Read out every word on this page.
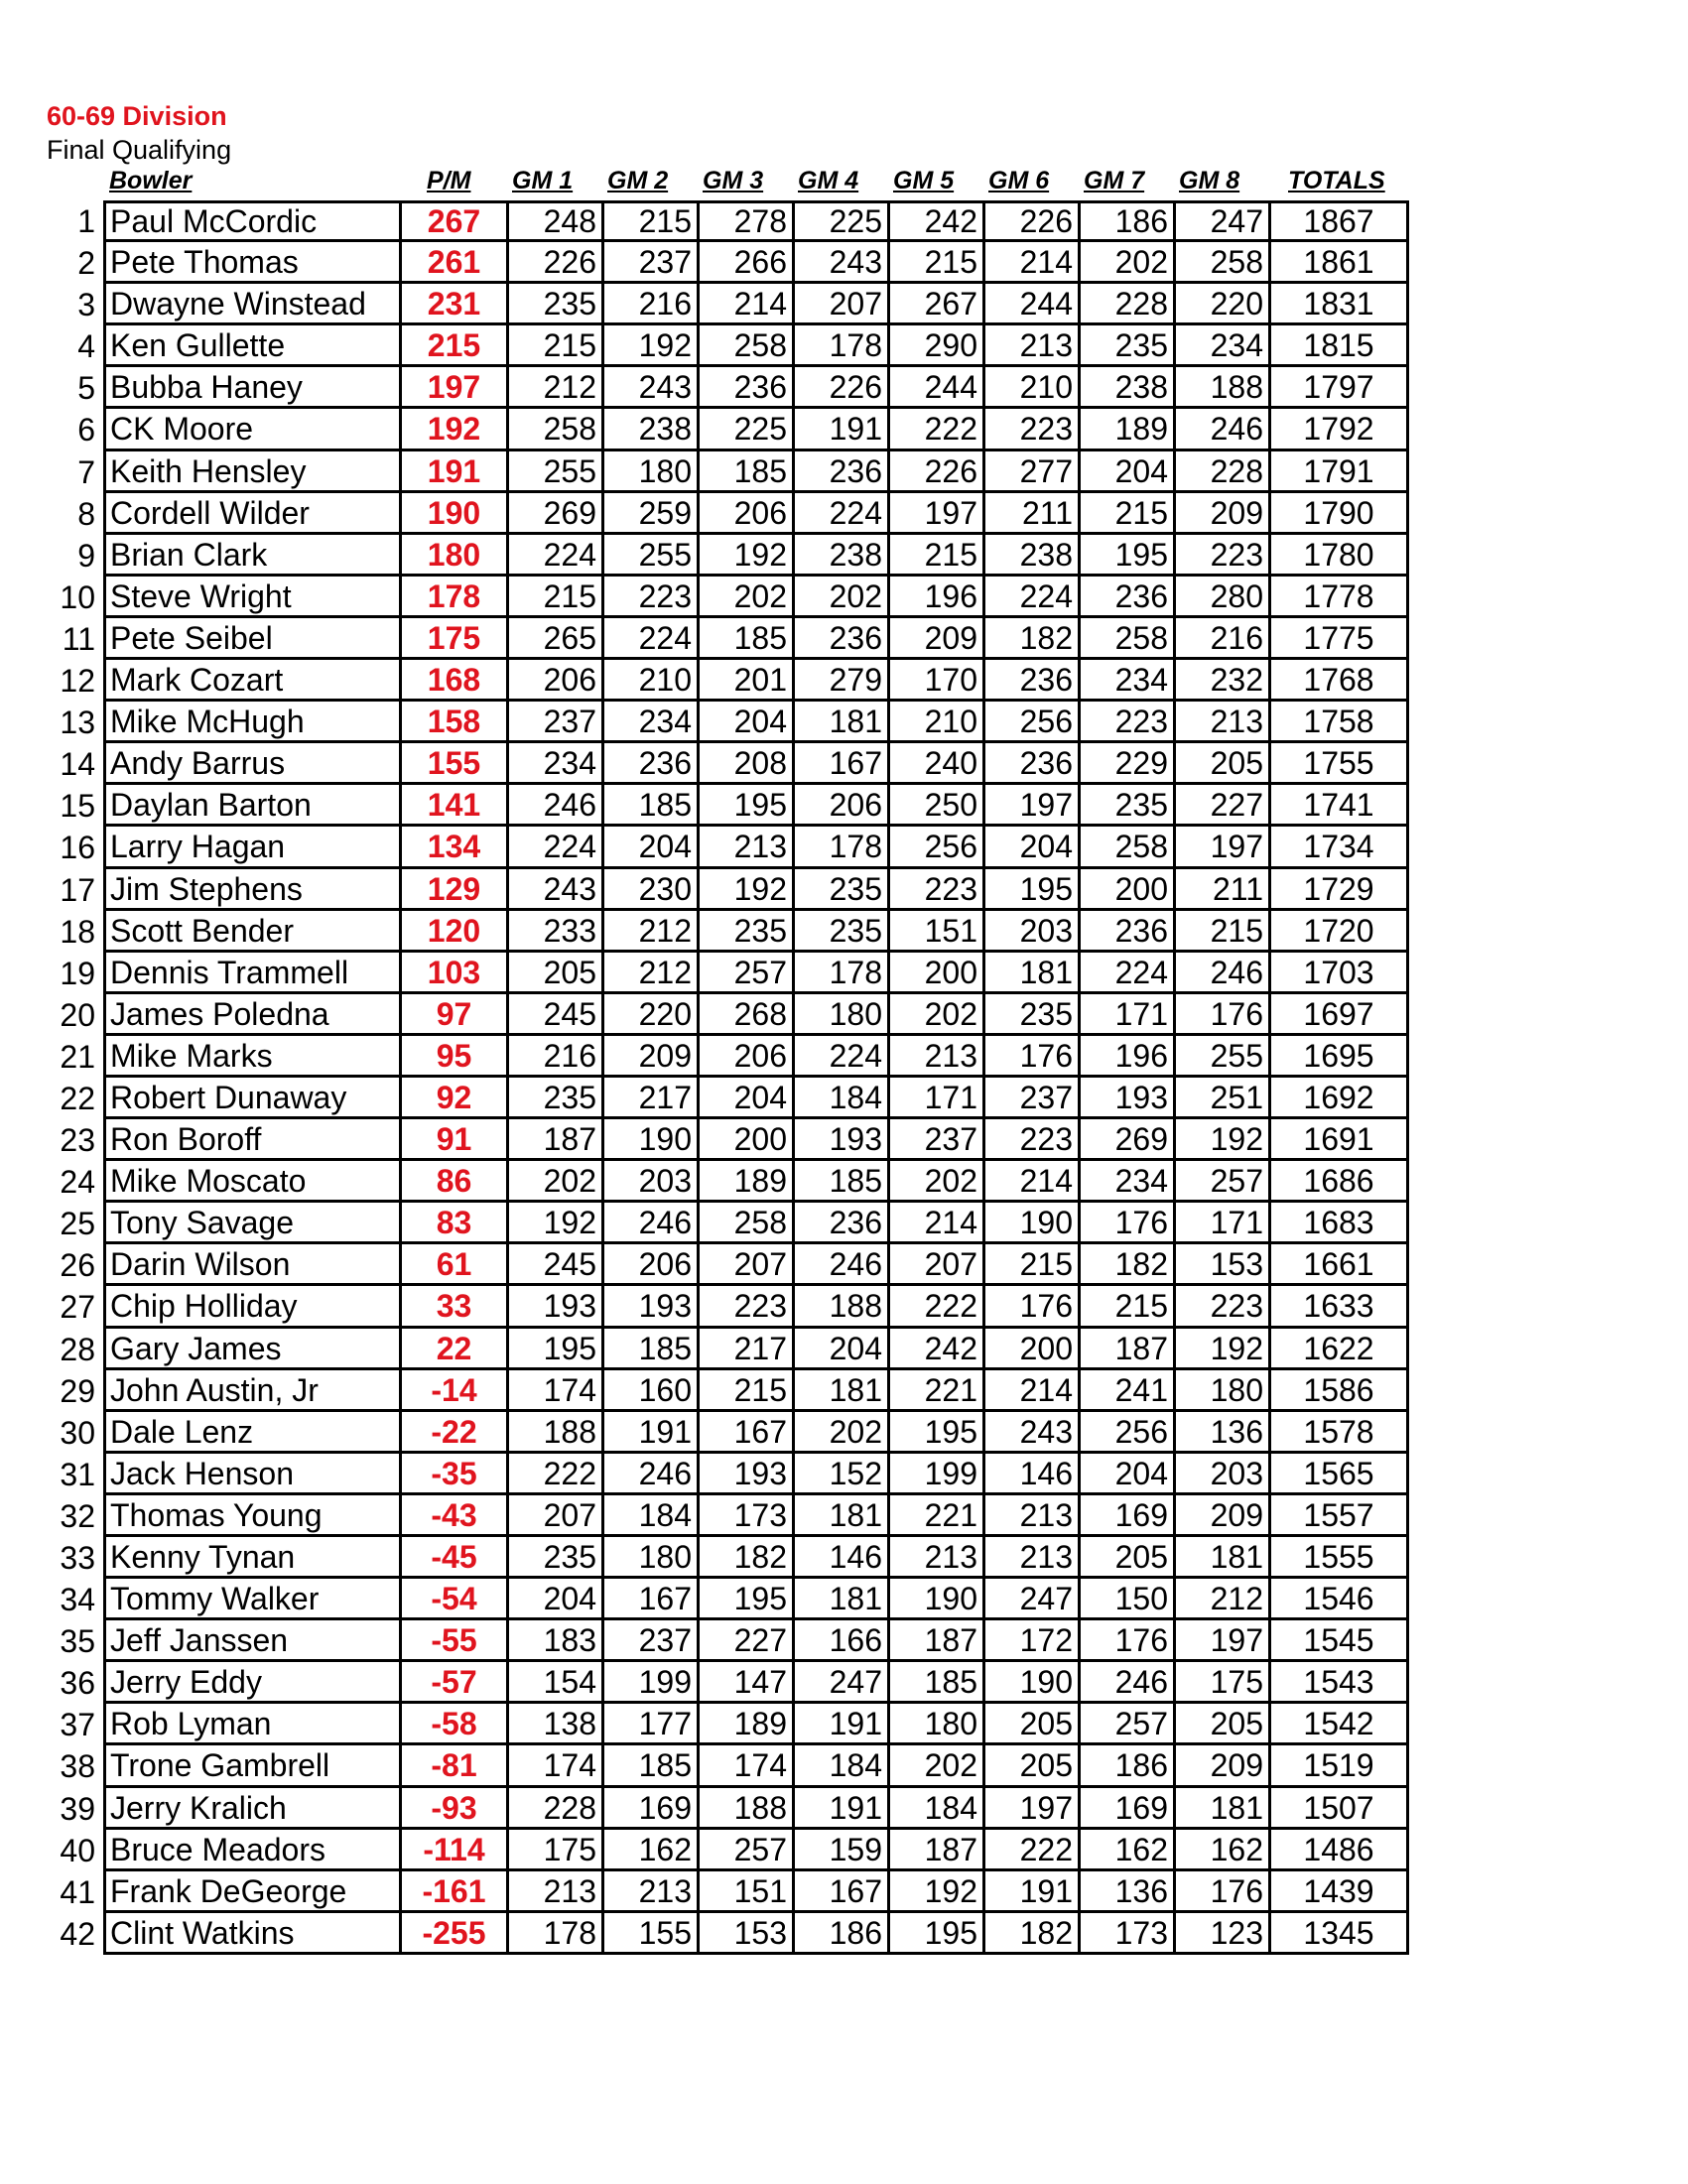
60-69 Division
Final Qualifying
Bowler	P/M GM 1 GM 2 GM 3 GM 4 GM 5 GM 6 GM 7 GM 8 TOTALS
1 Paul McCordic	267	248	215	278	225	242	226	186	247	1867
2 Pete Thomas	261	226	237	266	243	215	214	202	258	1861
3 Dwayne Winstead	231	235	216	214	207	267	244	228	220	1831
4 Ken Gullette	215	215	192	258	178	290	213	235	234	1815
5 Bubba Haney	197	212	243	236	226	244	210	238	188	1797
6 CK Moore	192	258	238	225	191	222	223	189	246	1792
7 Keith Hensley	191	255	180	185	236	226	277	204	228	1791
8 Cordell Wilder	190	269	259	206	224	197	211	215	209	1790
9 Brian Clark	180	224	255	192	238	215	238	195	223	1780
10 Steve Wright	178	215	223	202	202	196	224	236	280	1778
11 Pete Seibel	175	265	224	185	236	209	182	258	216	1775
12 Mark Cozart	168	206	210	201	279	170	236	234	232	1768
13 Mike McHugh	158	237	234	204	181	210	256	223	213	1758
14 Andy Barrus	155	234	236	208	167	240	236	229	205	1755
15 Daylan Barton	141	246	185	195	206	250	197	235	227	1741
16 Larry Hagan	134	224	204	213	178	256	204	258	197	1734
17 Jim Stephens	129	243	230	192	235	223	195	200	211	1729
18 Scott Bender	120	233	212	235	235	151	203	236	215	1720
19 Dennis Trammell	103	205	212	257	178	200	181	224	246	1703
20 James Poledna	97	245	220	268	180	202	235	171	176	1697
21 Mike Marks	95	216	209	206	224	213	176	196	255	1695
22 Robert Dunaway	92	235	217	204	184	171	237	193	251	1692
23 Ron Boroff	91	187	190	200	193	237	223	269	192	1691
24 Mike Moscato	86	202	203	189	185	202	214	234	257	1686
25 Tony Savage	83	192	246	258	236	214	190	176	171	1683
26 Darin Wilson	61	245	206	207	246	207	215	182	153	1661
27 Chip Holliday	33	193	193	223	188	222	176	215	223	1633
28 Gary James	22	195	185	217	204	242	200	187	192	1622
29 John Austin, Jr	-14	174	160	215	181	221	214	241	180	1586
30 Dale Lenz	-22	188	191	167	202	195	243	256	136	1578
31 Jack Henson	-35	222	246	193	152	199	146	204	203	1565
32 Thomas Young	-43	207	184	173	181	221	213	169	209	1557
33 Kenny Tynan	-45	235	180	182	146	213	213	205	181	1555
34 Tommy Walker	-54	204	167	195	181	190	247	150	212	1546
35 Jeff Janssen	-55	183	237	227	166	187	172	176	197	1545
36 Jerry Eddy	-57	154	199	147	247	185	190	246	175	1543
37 Rob Lyman	-58	138	177	189	191	180	205	257	205	1542
38 Trone Gambrell	-81	174	185	174	184	202	205	186	209	1519
39 Jerry Kralich	-93	228	169	188	191	184	197	169	181	1507
40 Bruce Meadors	-114	175	162	257	159	187	222	162	162	1486
41 Frank DeGeorge	-161	213	213	151	167	192	191	136	176	1439
42 Clint Watkins	-255	178	155	153	186	195	182	173	123	1345
